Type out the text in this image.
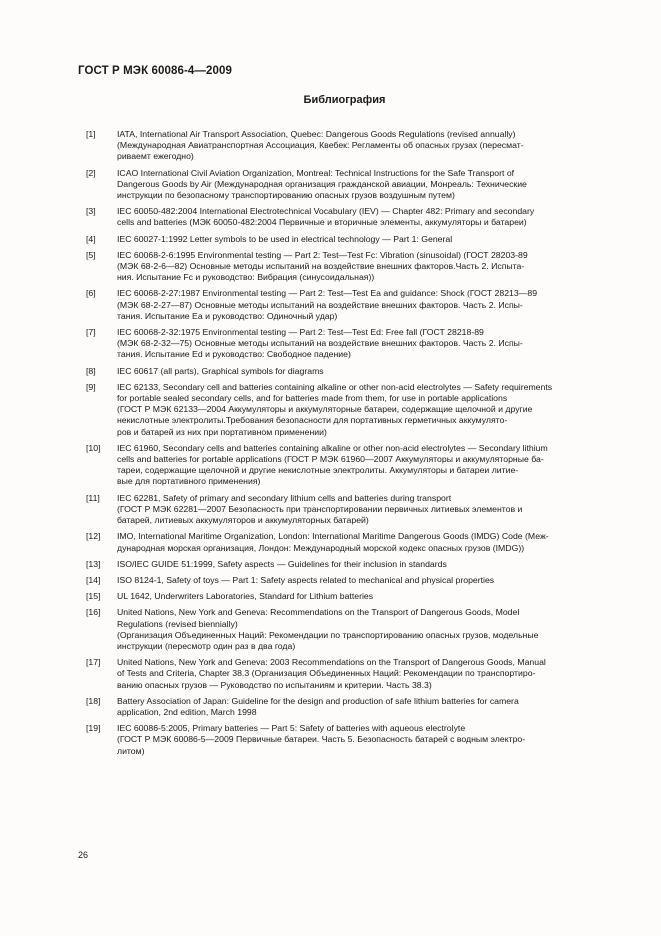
ГОСТ Р МЭК 60086-4—2009
Библиография
[1]	IATA, International Air Transport Association, Quebec: Dangerous Goods Regulations (revised annually)
(Международная Авиатранспортная Ассоциация, Квебек: Регламенты об опасных грузах (пересмат-
риваемт ежегодно)
[2]	ICAO International Civil Aviation Organization, Montreal: Technical Instructions for the Safe Transport of
Dangerous Goods by Air (Международная организация гражданской авиации, Монреаль: Технические
инструкции по безопасному транспортированию опасных грузов воздушным путем)
[3]	IEC 60050-482:2004 International Electrotechnical Vocabulary (IEV) — Chapter 482: Primary and secondary
cells and batteries (МЭК 60050-482:2004 Первичные и вторичные элементы, аккумуляторы и батареи)
[4]	IEC 60027-1:1992 Letter symbols to be used in electrical technology — Part 1: General
[5]	IEC 60068-2-6:1995 Environmental testing — Part 2: Test—Test Fc: Vibration (sinusoidal) (ГОСТ 28203-89
(МЭК 68-2-6—82) Основные методы испытаний на воздействие внешних факторов.Часть 2. Испыта-
ния. Испытание Fc и руководство: Вибрация (синусоидальная))
[6]	IEC 60068-2-27:1987 Environmental testing — Part 2: Test—Test Ea and guidance: Shock (ГОСТ 28213—89
(МЭК 68-2-27—87) Основные методы испытаний на воздействие внешних факторов. Часть 2. Испы-
тания. Испытание Еа и руководство: Одиночный удар)
[7]	IEC 60068-2-32:1975 Environmental testing — Part 2: Test—Test Ed: Free fall (ГОСТ 28218-89
(МЭК 68-2-32—75) Основные методы испытаний на воздействие внешних факторов. Часть 2. Испы-
тания. Испытание Ed и руководство: Свободное падение)
[8]	IEC 60617 (all parts), Graphical symbols for diagrams
[9]	IEC 62133, Secondary cell and batteries containing alkaline or other non-acid electrolytes — Safety requirements
for portable sealed secondary cells, and for batteries made from them, for use in portable applications
(ГОСТ Р МЭК 62133—2004 Аккумуляторы и аккумуляторные батареи, содержащие щелочной и другие
некислотные электролиты.Требования безопасности для портативных герметичных аккумулято-
ров и батарей из них при портативном применении)
[10]	IEC 61960, Secondary cells and batteries containing alkaline or other non-acid electrolytes — Secondary lithium
cells and batteries for portable applications (ГОСТ Р МЭК 61960—2007 Аккумуляторы и аккумуляторные ба-
тареи, содержащие щелочной и другие некислотные электролиты. Аккумуляторы и батареи литие-
вые для портативного применения)
[11]	IEC 62281, Safety of primary and secondary lithium cells and batteries during transport
(ГОСТ Р МЭК 62281—2007 Безопасность при транспортировании первичных литиевых элементов и
батарей, литиевых аккумуляторов и аккумуляторных батарей)
[12]	IMO, International Maritime Organization, London: International Maritime Dangerous Goods (IMDG) Code (Меж-
дународная морская организация, Лондон: Международный морской кодекс опасных грузов (IMDG))
[13]	ISO/IEC GUIDE 51:1999, Safety aspects — Guidelines for their inclusion in standards
[14]	ISO 8124-1, Safety of toys — Part 1: Safety aspects related to mechanical and physical properties
[15]	UL 1642, Underwriters Laboratories, Standard for Lithium batteries
[16]	United Nations, New York and Geneva: Recommendations on the Transport of Dangerous Goods, Model
Regulations (revised biennially)
(Организация Объединенных Наций: Рекомендации по транспортированию опасных грузов, модельные
инструкции (пересмотр один раз в два года)
[17]	United Nations, New York and Geneva: 2003 Recommendations on the Transport of Dangerous Goods, Manual
of Tests and Criteria, Chapter 38.3 (Организация Объединенных Наций: Рекомендации по транспортиро-
ванию опасных грузов — Руководство по испытаниям и критерии. Часть 38.3)
[18]	Battery Association of Japan: Guideline for the design and production of safe lithium batteries for camera
application, 2nd edition, March 1998
[19]	IEC 60086-5:2005, Primary batteries — Part 5: Safety of batteries with aqueous electrolyte
(ГОСТ Р МЭК 60086-5—2009 Первичные батареи. Часть 5. Безопасность батарей с водным электро-
литом)
26
